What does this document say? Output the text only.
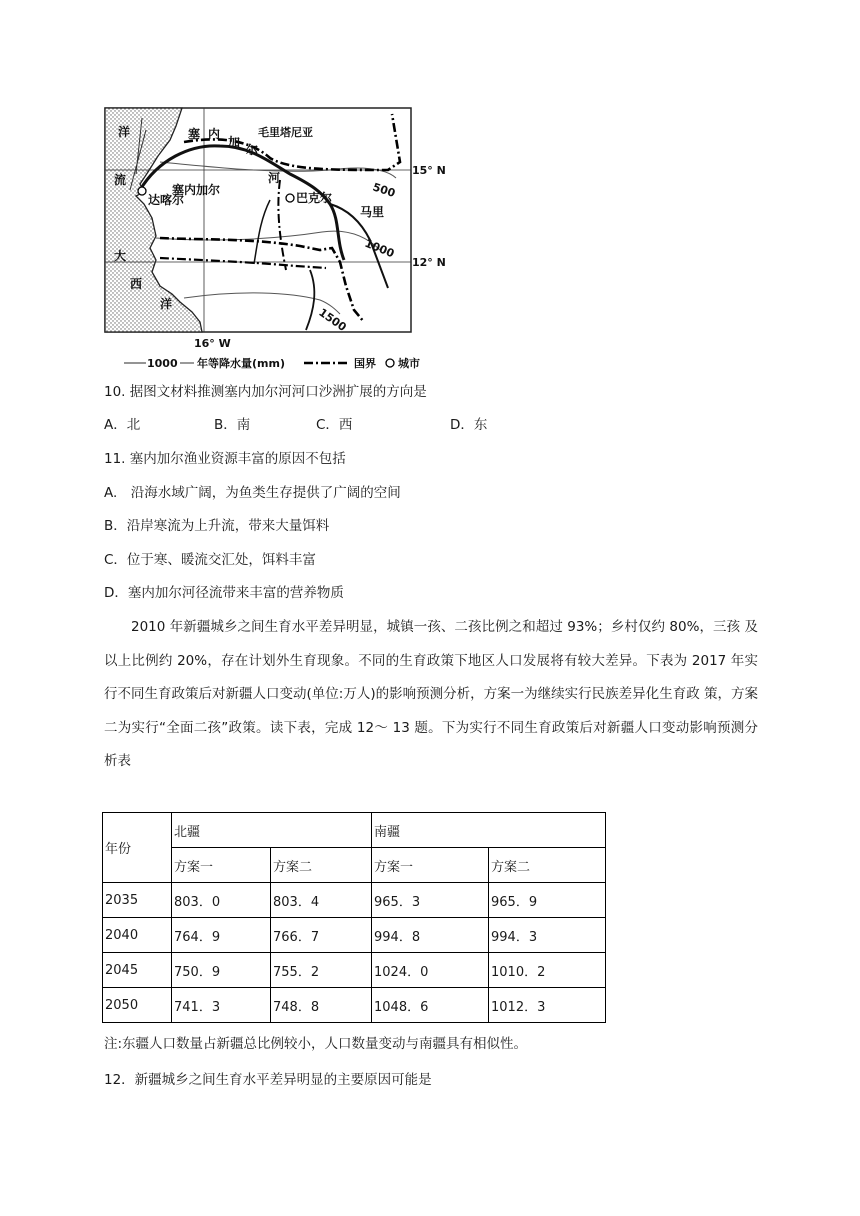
洋
流
大
西
洋
塞 内
加
尔
河
毛里塔尼亚
塞内加尔
达喀尔	巴克尔
马里
15° N
12° N
16° W
500
1000
1500
1000 年等降水量(mm)	国界 城市
10. 据图文材料推测塞内加尔河河口沙洲扩展的方向是
A．北	B．南	C．西	D．东
11. 塞内加尔渔业资源丰富的原因不包括
A.　沿海水域广阔，为鱼类生存提供了广阔的空间
B．沿岸寒流为上升流，带来大量饵料
C．位于寒、暖流交汇处，饵料丰富
D．塞内加尔河径流带来丰富的营养物质
2010 年新疆城乡之间生育水平差异明显，城镇一孩、二孩比例之和超过 93%；乡村仅约 80%，三孩 及以上比例约 20%，存在计划外生育现象。不同的生育政策下地区人口发展将有较大差异。下表为 2017 年实行不同生育政策后对新疆人口变动(单位:万人)的影响预测分析，方案一为继续实行民族差异化生育政 策，方案二为实行“全面二孩”政策。读下表，完成 12～ 13 题。下为实行不同生育政策后对新疆人口变动影响预测分析表
年份	北疆		南疆	
	方案一	方案二	方案一	方案二
2035	803．0	803．4	965．3	965．9
2040	764．9	766．7	994．8	994．3
2045	750．9	755．2	1024．0	1010．2
2050	741．3	748．8	1048．6	1012．3
注:东疆人口数量占新疆总比例较小，人口数量变动与南疆具有相似性。
12．新疆城乡之间生育水平差异明显的主要原因可能是
